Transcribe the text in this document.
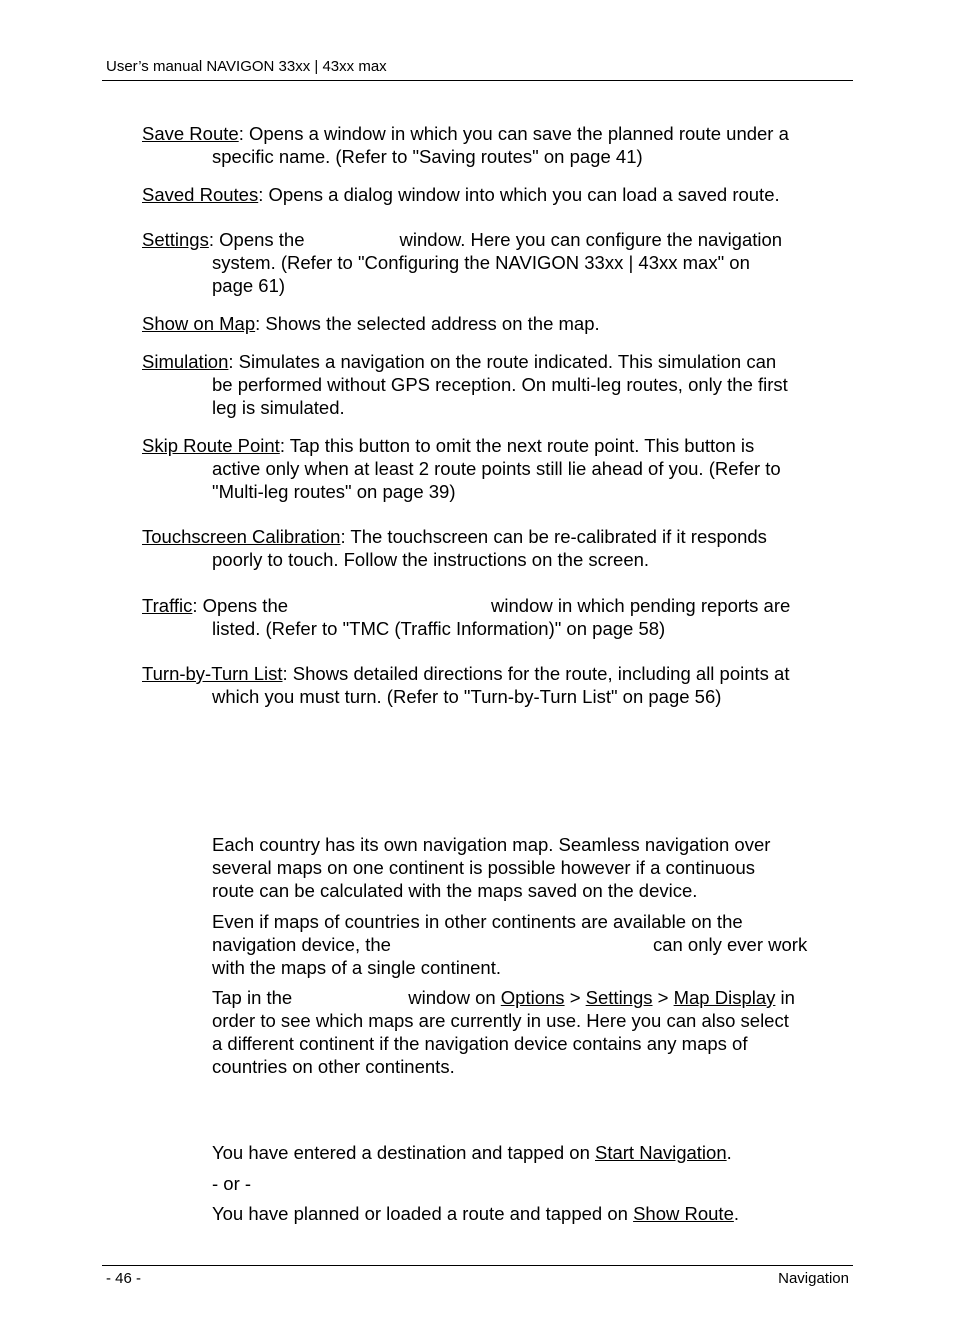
User’s manual NAVIGON 33xx | 43xx max
Save Route: Opens a window in which you can save the planned route under a
specific name. (Refer to "Saving routes" on page 41)
Saved Routes: Opens a dialog window into which you can load a saved route.
Settings: Opens the	window. Here you can configure the navigation
system. (Refer to "Configuring the NAVIGON 33xx | 43xx max" on
page 61)
Show on Map: Shows the selected address on the map.
Simulation: Simulates a navigation on the route indicated. This simulation can
be performed without GPS reception. On multi-leg routes, only the first
leg is simulated.
Skip Route Point: Tap this button to omit the next route point. This button is
active only when at least 2 route points still lie ahead of you. (Refer to
"Multi-leg routes" on page 39)
Touchscreen Calibration: The touchscreen can be re-calibrated if it responds
poorly to touch. Follow the instructions on the screen.
Traffic: Opens the	window in which pending reports are
listed. (Refer to "TMC (Traffic Information)" on page 58)
Turn-by-Turn List: Shows detailed directions for the route, including all points at
which you must turn. (Refer to "Turn-by-Turn List" on page 56)
Each country has its own navigation map. Seamless navigation over
several maps on one continent is possible however if a continuous
route can be calculated with the maps saved on the device.
Even if maps of countries in other continents are available on the
navigation device, the	can only ever work
with the maps of a single continent.
Tap in the	window on Options > Settings > Map Display in
order to see which maps are currently in use. Here you can also select
a different continent if the navigation device contains any maps of
countries on other continents.
You have entered a destination and tapped on Start Navigation.
- or -
You have planned or loaded a route and tapped on Show Route.
- 46 -	Navigation
